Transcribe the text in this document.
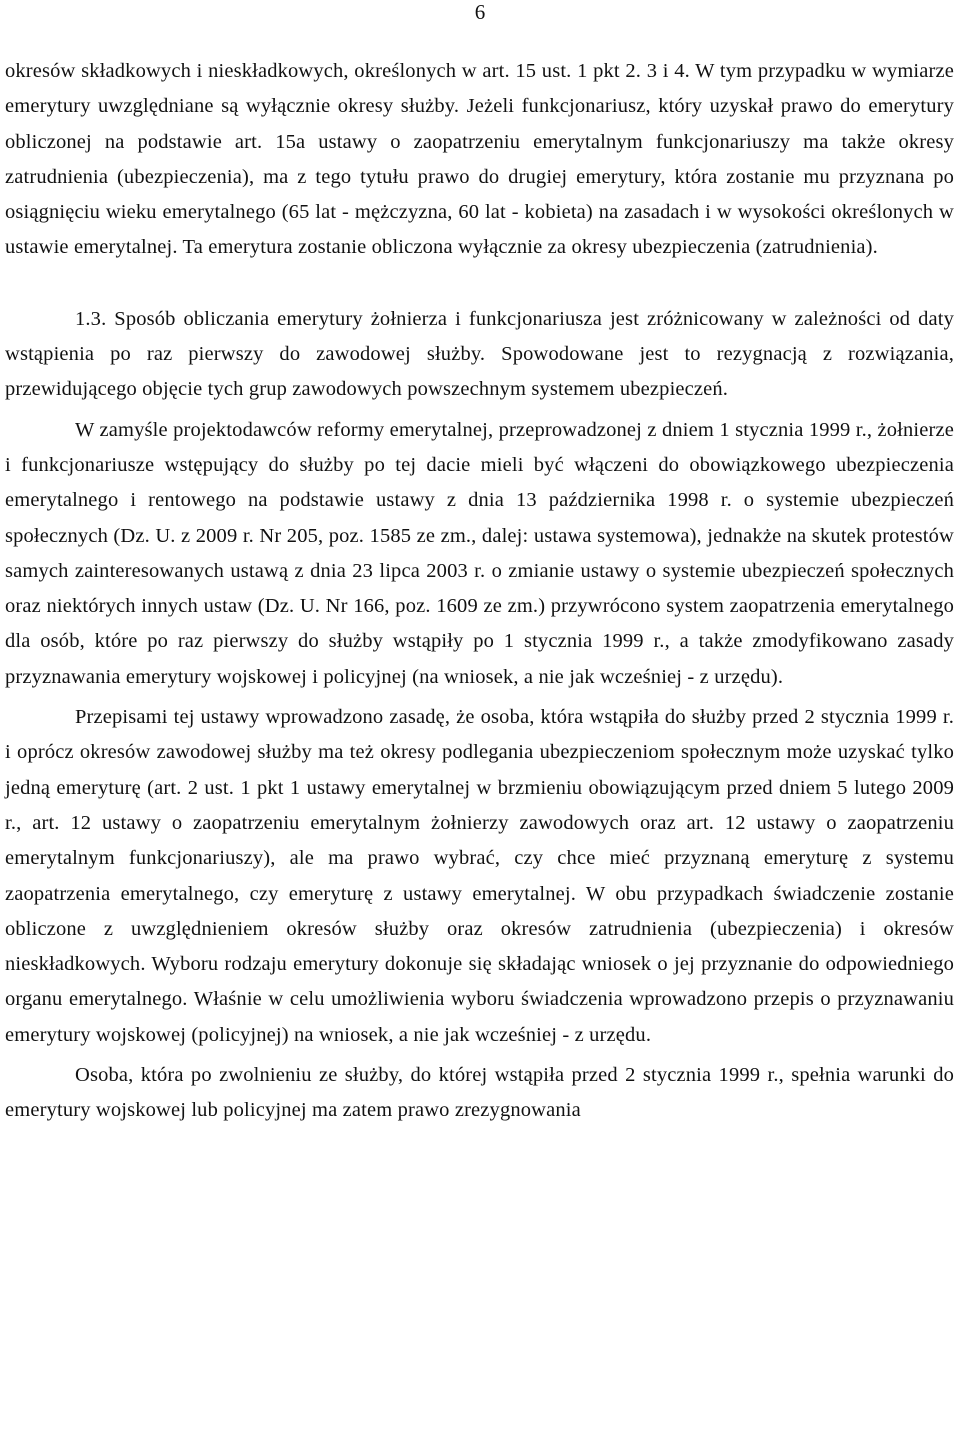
6

okresów składkowych i nieskładkowych, określonych w art. 15 ust. 1 pkt 2. 3 i 4. W tym przypadku w wymiarze emerytury uwzględniane są wyłącznie okresy służby. Jeżeli funkcjonariusz, który uzyskał prawo do emerytury obliczonej na podstawie art. 15a ustawy o zaopatrzeniu emerytalnym funkcjonariuszy ma także okresy zatrudnienia (ubezpieczenia), ma z tego tytułu prawo do drugiej emerytury, która zostanie mu przyznana po osiągnięciu wieku emerytalnego (65 lat - mężczyzna, 60 lat - kobieta) na zasadach i w wysokości określonych w ustawie emerytalnej. Ta emerytura zostanie obliczona wyłącznie za okresy ubezpieczenia (zatrudnienia).

1.3. Sposób obliczania emerytury żołnierza i funkcjonariusza jest zróżnicowany w zależności od daty wstąpienia po raz pierwszy do zawodowej służby. Spowodowane jest to rezygnacją z rozwiązania, przewidującego objęcie tych grup zawodowych powszechnym systemem ubezpieczeń.

W zamyśle projektodawców reformy emerytalnej, przeprowadzonej z dniem 1 stycznia 1999 r., żołnierze i funkcjonariusze wstępujący do służby po tej dacie mieli być włączeni do obowiązkowego ubezpieczenia emerytalnego i rentowego na podstawie ustawy z dnia 13 października 1998 r. o systemie ubezpieczeń społecznych (Dz. U. z 2009 r. Nr 205, poz. 1585 ze zm., dalej: ustawa systemowa), jednakże na skutek protestów samych zainteresowanych ustawą z dnia 23 lipca 2003 r. o zmianie ustawy o systemie ubezpieczeń społecznych oraz niektórych innych ustaw (Dz. U. Nr 166, poz. 1609 ze zm.) przywrócono system zaopatrzenia emerytalnego dla osób, które po raz pierwszy do służby wstąpiły po 1 stycznia 1999 r., a także zmodyfikowano zasady przyznawania emerytury wojskowej i policyjnej (na wniosek, a nie jak wcześniej - z urzędu).

Przepisami tej ustawy wprowadzono zasadę, że osoba, która wstąpiła do służby przed 2 stycznia 1999 r. i oprócz okresów zawodowej służby ma też okresy podlegania ubezpieczeniom społecznym może uzyskać tylko jedną emeryturę (art. 2 ust. 1 pkt 1 ustawy emerytalnej w brzmieniu obowiązującym przed dniem 5 lutego 2009 r., art. 12 ustawy o zaopatrzeniu emerytalnym żołnierzy zawodowych oraz art. 12 ustawy o zaopatrzeniu emerytalnym funkcjonariuszy), ale ma prawo wybrać, czy chce mieć przyznaną emeryturę z systemu zaopatrzenia emerytalnego, czy emeryturę z ustawy emerytalnej. W obu przypadkach świadczenie zostanie obliczone z uwzględnieniem okresów służby oraz okresów zatrudnienia (ubezpieczenia) i okresów nieskładkowych. Wyboru rodzaju emerytury dokonuje się składając wniosek o jej przyznanie do odpowiedniego organu emerytalnego. Właśnie w celu umożliwienia wyboru świadczenia wprowadzono przepis o przyznawaniu emerytury wojskowej (policyjnej) na wniosek, a nie jak wcześniej - z urzędu.

Osoba, która po zwolnieniu ze służby, do której wstąpiła przed 2 stycznia 1999 r., spełnia warunki do emerytury wojskowej lub policyjnej ma zatem prawo zrezygnowania
